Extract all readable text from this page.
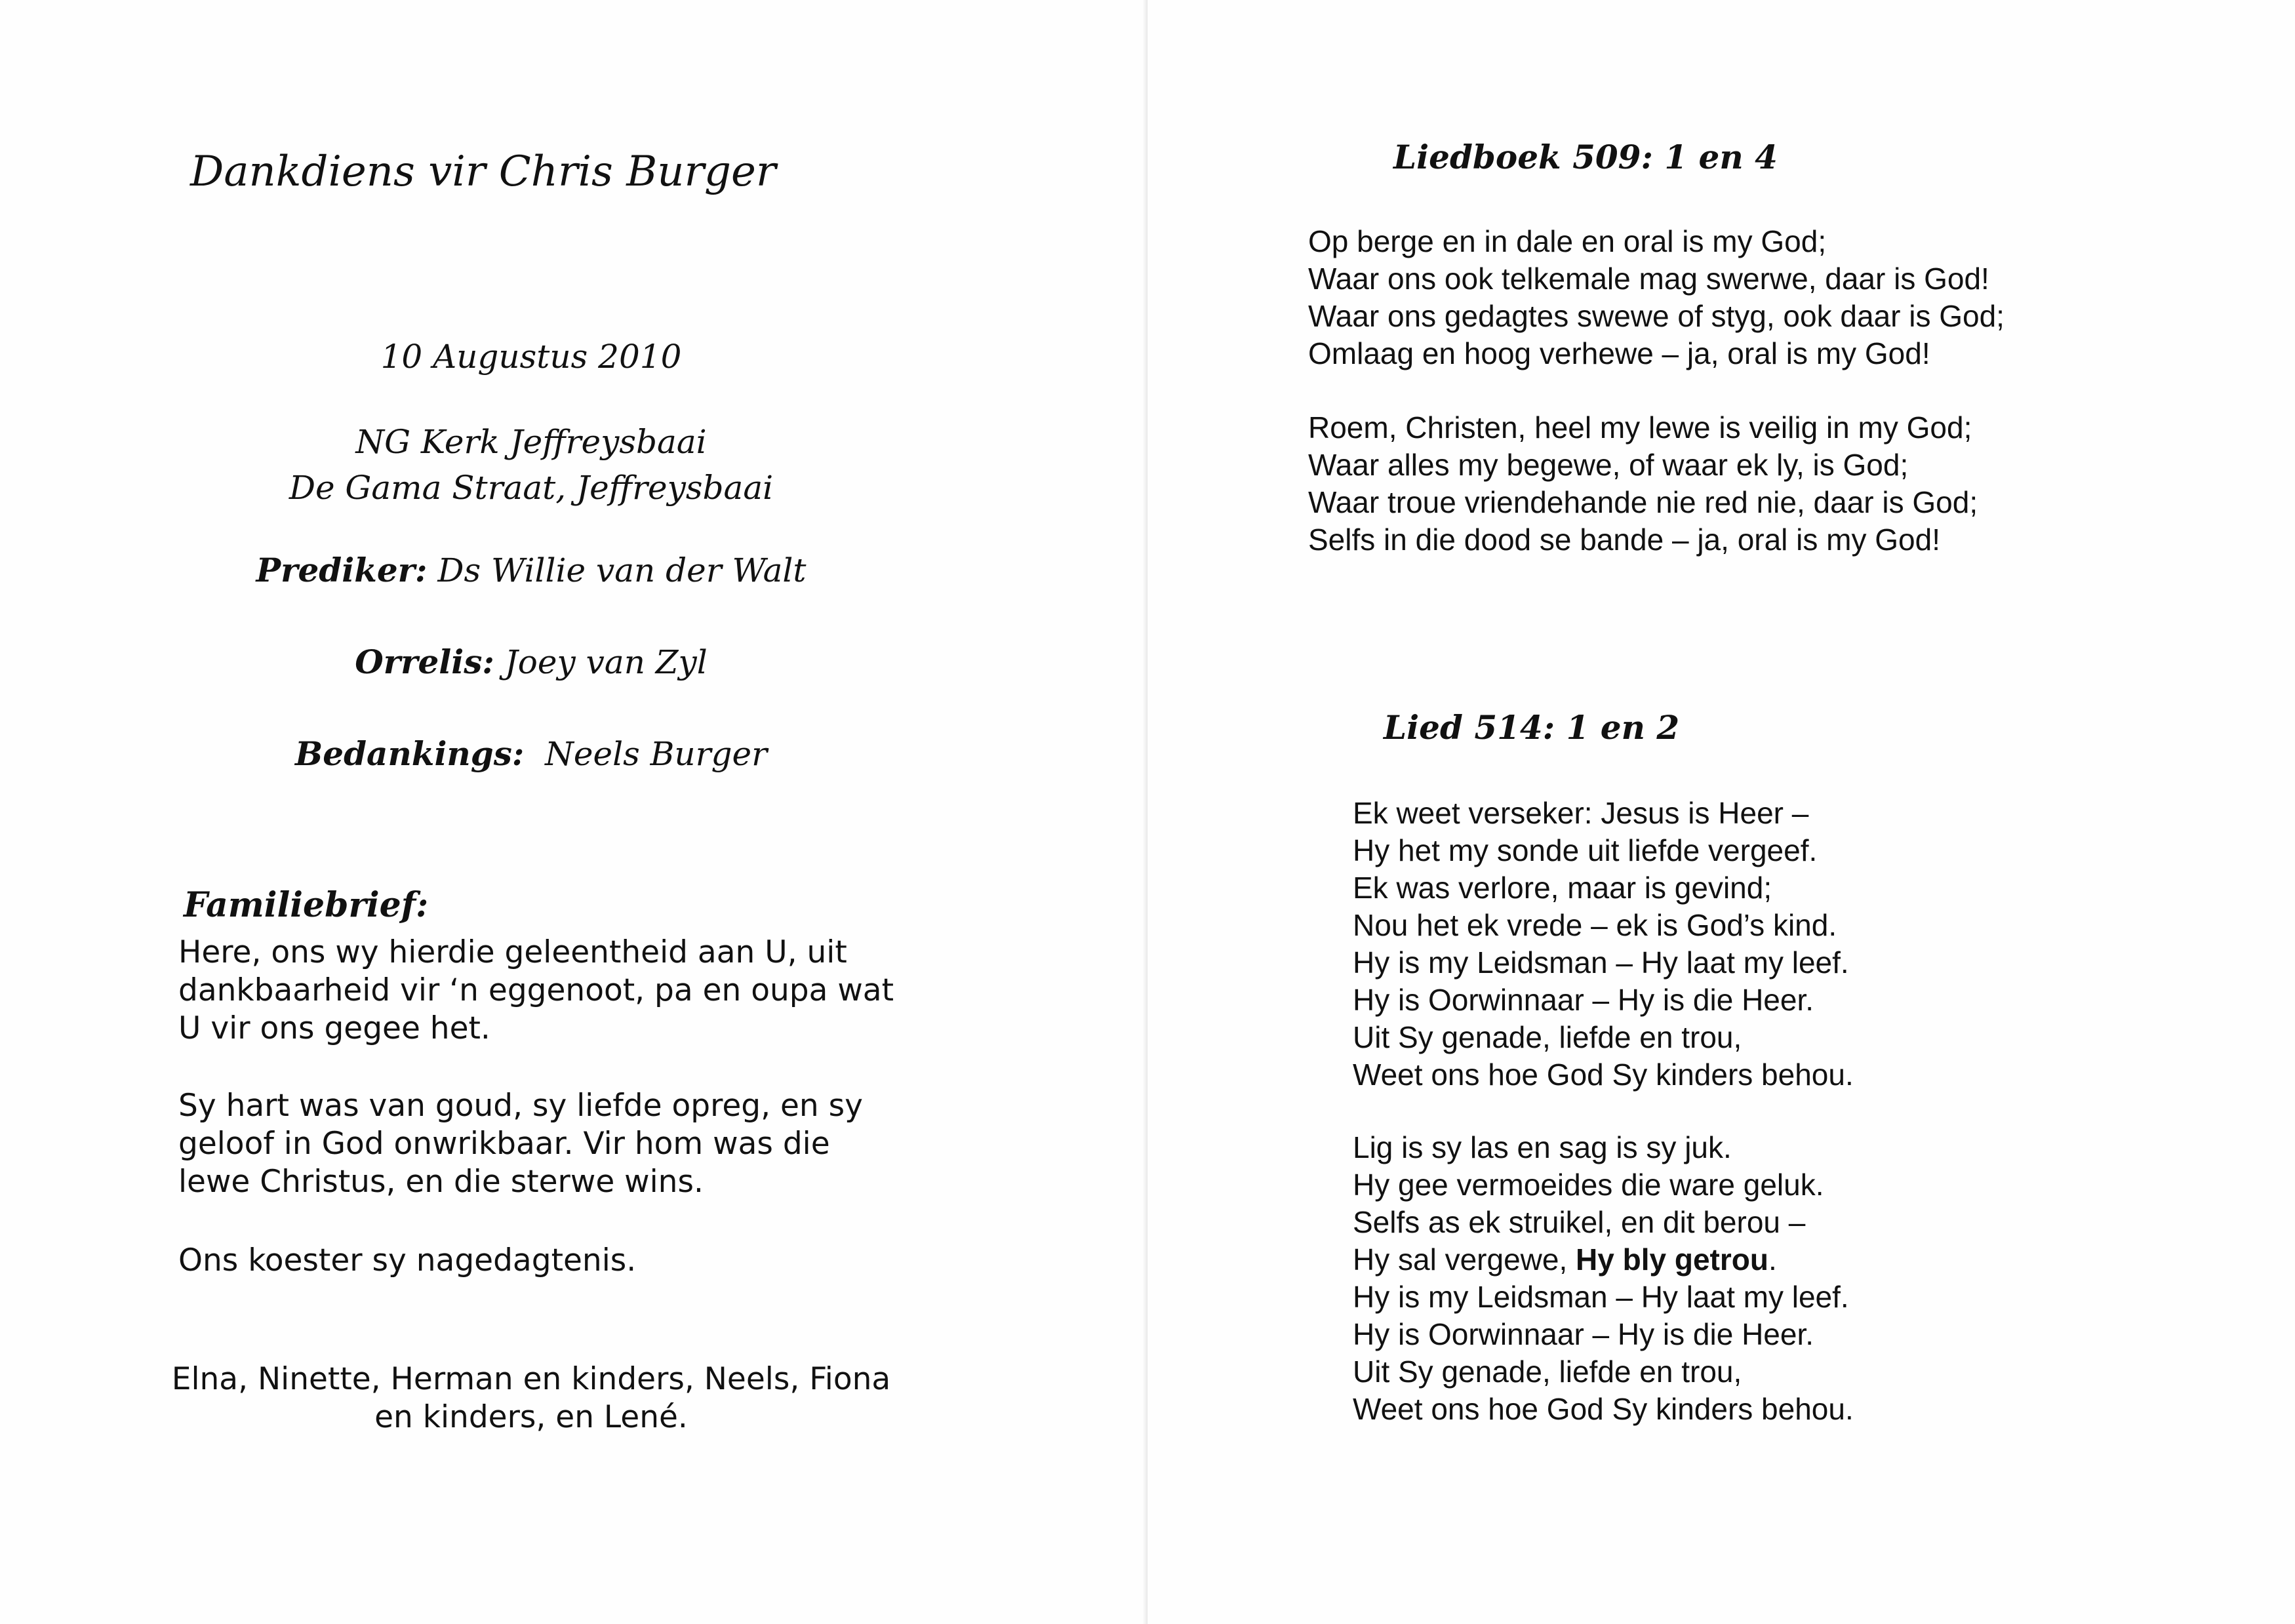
Dankdiens vir Chris Burger
10 Augustus 2010
NG Kerk Jeffreysbaai
De Gama Straat, Jeffreysbaai
Prediker: Ds Willie van der Walt
Orrelis: Joey van Zyl
Bedankings: Neels Burger
Familiebrief:
Here, ons wy hierdie geleentheid aan U, uit
dankbaarheid vir ‘n eggenoot, pa en oupa wat
U vir ons gegee het.
Sy hart was van goud, sy liefde opreg, en sy
geloof in God onwrikbaar. Vir hom was die
lewe Christus, en die sterwe wins.
Ons koester sy nagedagtenis.
Elna, Ninette, Herman en kinders, Neels, Fiona
en kinders, en Lené.
Liedboek 509: 1 en 4
Op berge en in dale en oral is my God;
Waar ons ook telkemale mag swerwe, daar is God!
Waar ons gedagtes swewe of styg, ook daar is God;
Omlaag en hoog verhewe – ja, oral is my God!
Roem, Christen, heel my lewe is veilig in my God;
Waar alles my begewe, of waar ek ly, is God;
Waar troue vriendehande nie red nie, daar is God;
Selfs in die dood se bande – ja, oral is my God!
Lied 514: 1 en 2
Ek weet verseker: Jesus is Heer –
Hy het my sonde uit liefde vergeef.
Ek was verlore, maar is gevind;
Nou het ek vrede – ek is God’s kind.
Hy is my Leidsman – Hy laat my leef.
Hy is Oorwinnaar – Hy is die Heer.
Uit Sy genade, liefde en trou,
Weet ons hoe God Sy kinders behou.
Lig is sy las en sag is sy juk.
Hy gee vermoeides die ware geluk.
Selfs as ek struikel, en dit berou –
Hy sal vergewe, Hy bly getrou.
Hy is my Leidsman – Hy laat my leef.
Hy is Oorwinnaar – Hy is die Heer.
Uit Sy genade, liefde en trou,
Weet ons hoe God Sy kinders behou.
